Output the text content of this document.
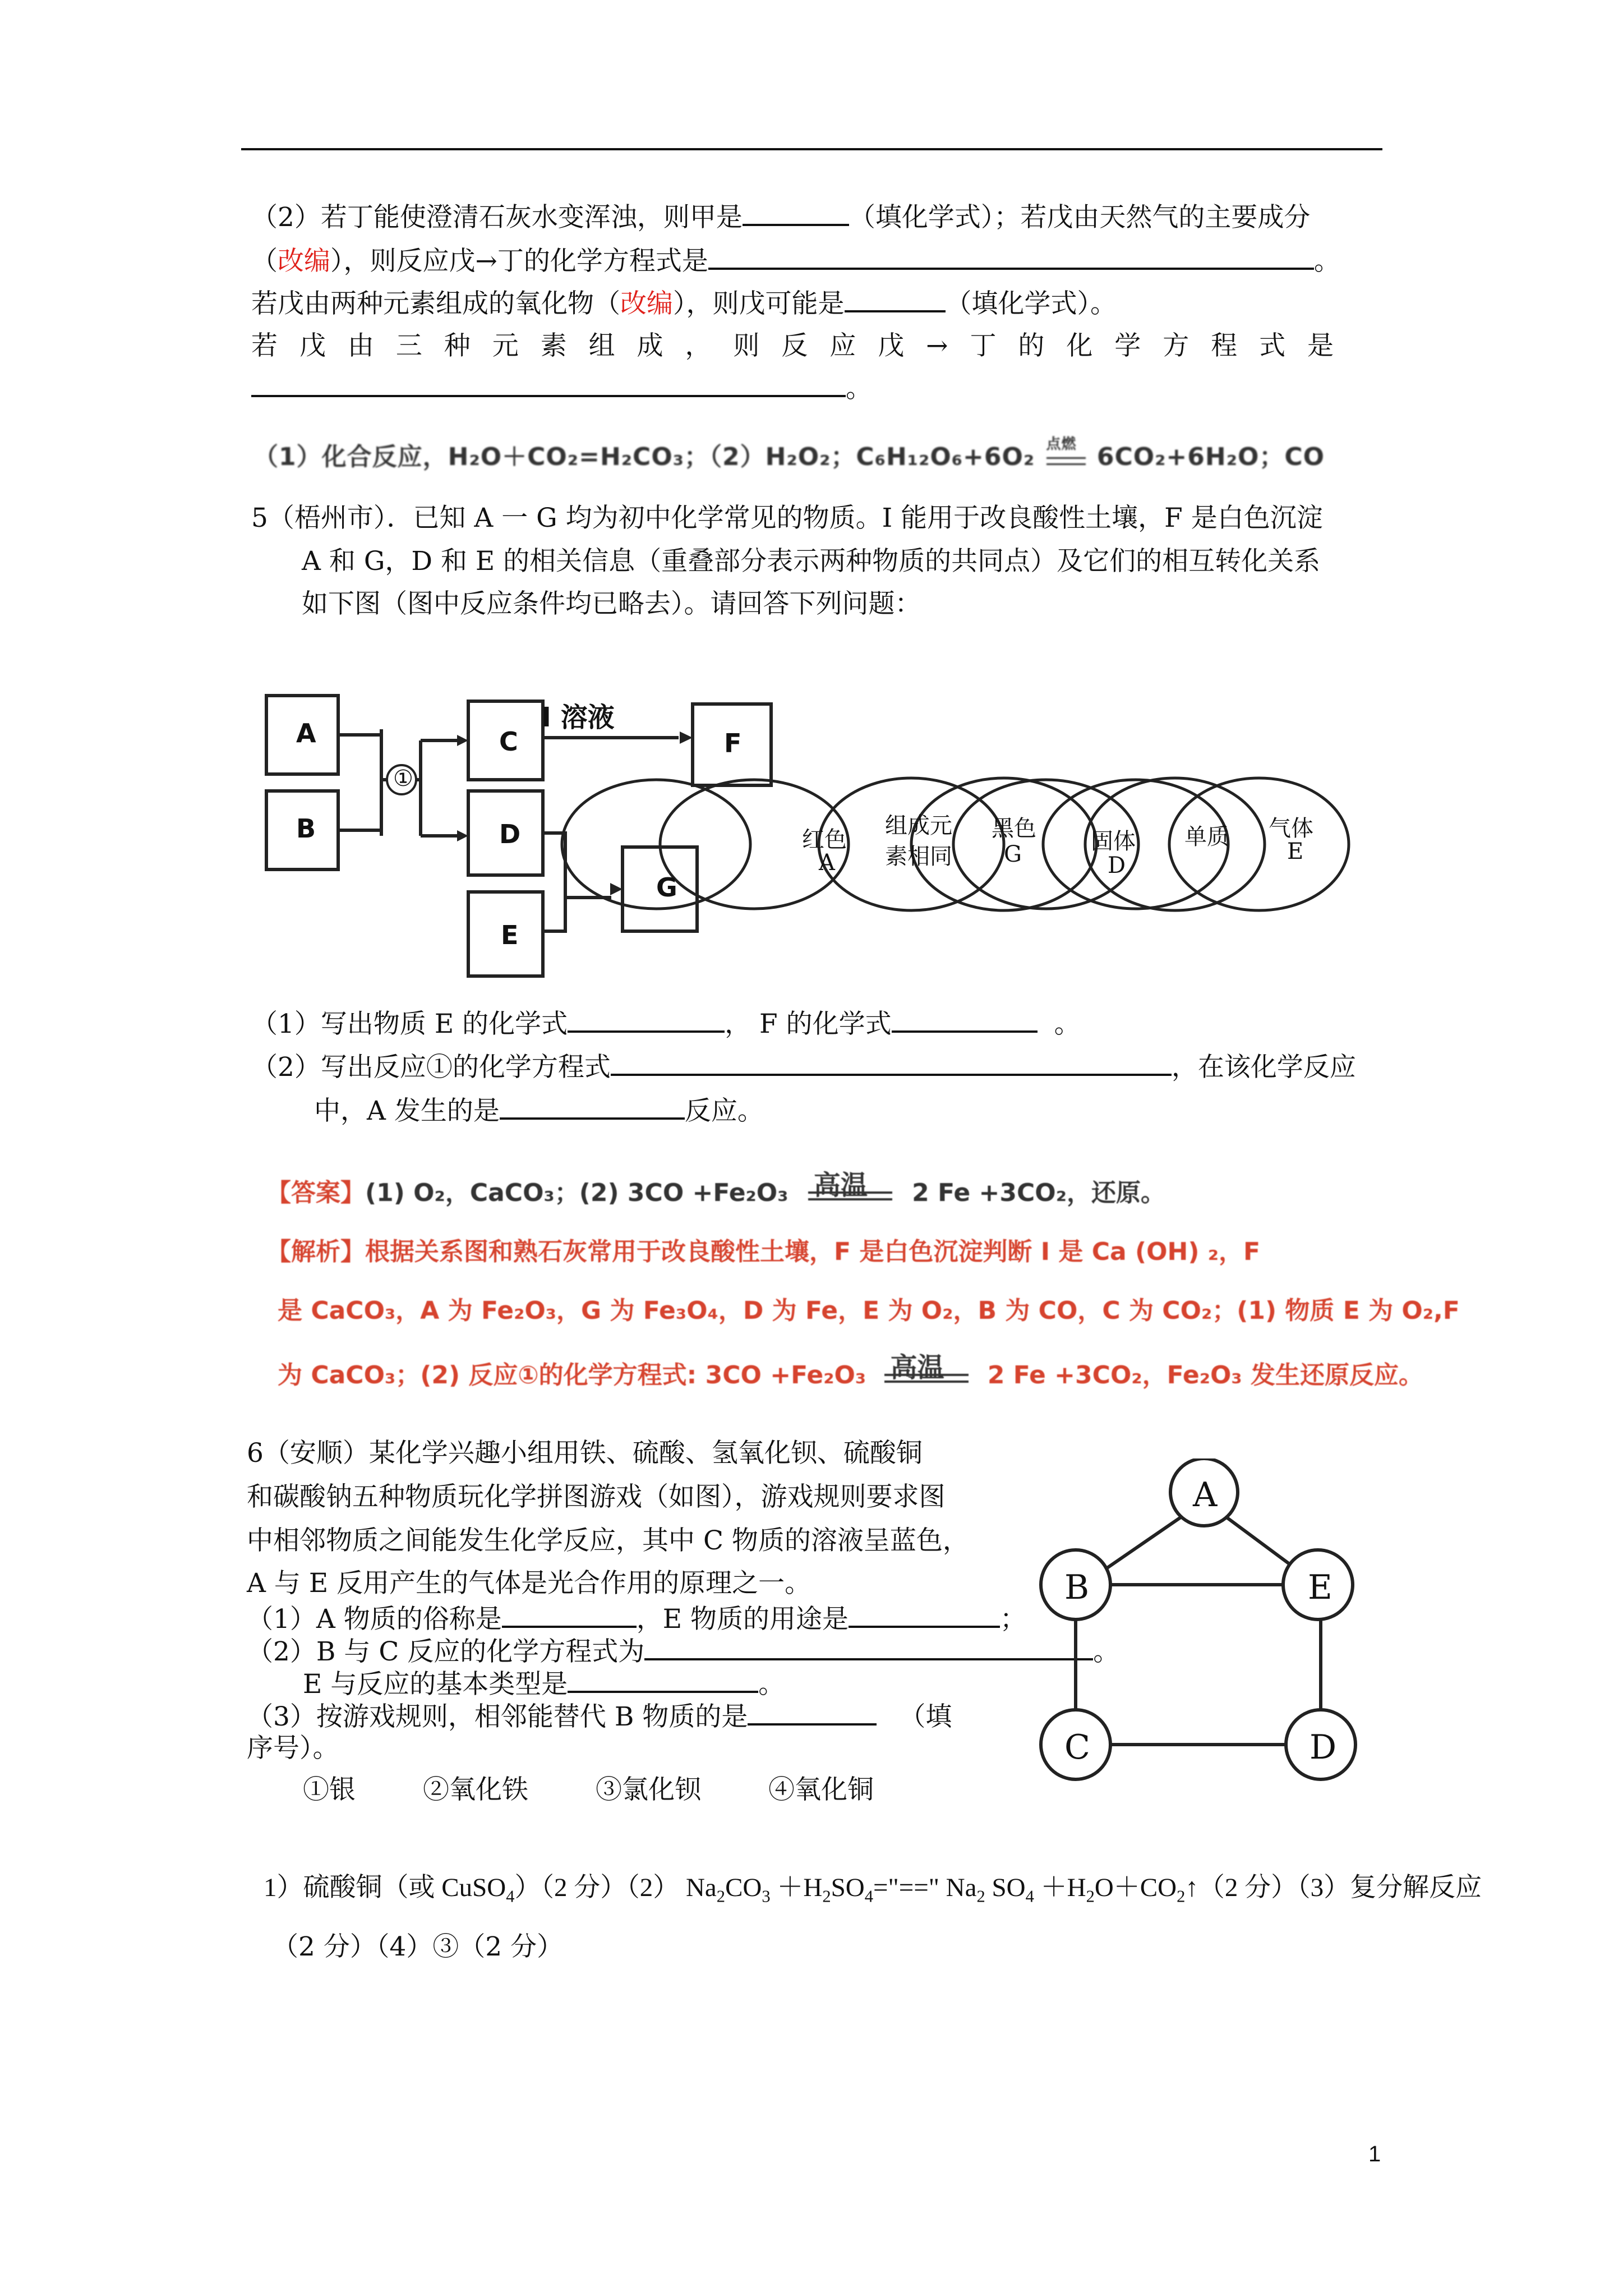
（2）若丁能使澄清石灰水变浑浊，则甲是	（填化学式）；若戊由天然气的主要成分
（改编），则反应戊→丁的化学方程式是	。
若戊由两种元素组成的氧化物（改编），则戊可能是	（填化学式）。
若 戊 由 三 种 元 素 组 成 ， 则 反 应 戊 → 丁 的 化 学 方 程 式 是
。
（1）化合反应，H₂O＋CO₂=H₂CO₃；（2）H₂O₂；C₆H₁₂O₆+6O₂ 点燃 6CO₂+6H₂O；CO
5（梧州市）．已知 A 一 G 均为初中化学常见的物质。I 能用于改良酸性土壤，F 是白色沉淀
A 和 G，D 和 E 的相关信息（重叠部分表示两种物质的共同点）及它们的相互转化关系
如下图（图中反应条件均已略去）。请回答下列问题：
A
B
C
D
E
F
G
①
I 溶液
红色
A
组成元
素相同
黑色
G	固体
D
单质 气体
E
（1）写出物质 E 的化学式	， F 的化学式	。
（2）写出反应①的化学方程式	，在该化学反应
中，A 发生的是	反应。
【答案】(1) O₂，CaCO₃；(2) 3CO +Fe₂O₃ 高温 2 Fe +3CO₂，还原。
【解析】根据关系图和熟石灰常用于改良酸性土壤，F 是白色沉淀判断 I 是 Ca (OH) ₂，F
是 CaCO₃，A 为 Fe₂O₃，G 为 Fe₃O₄，D 为 Fe，E 为 O₂，B 为 CO，C 为 CO₂；(1) 物质 E 为 O₂,F
为 CaCO₃；(2) 反应①的化学方程式: 3CO +Fe₂O₃ 高温 2 Fe +3CO₂，Fe₂O₃ 发生还原反应。
6（安顺）某化学兴趣小组用铁、硫酸、氢氧化钡、硫酸铜
和碳酸钠五种物质玩化学拼图游戏（如图），游戏规则要求图
中相邻物质之间能发生化学反应，其中 C 物质的溶液呈蓝色，
A 与 E 反用产生的气体是光合作用的原理之一。
（1）A 物质的俗称是	，E 物质的用途是	；
（2）B 与 C 反应的化学方程式为	。
E 与反应的基本类型是	。
（3）按游戏规则，相邻能替代 B 物质的是	（填
序号）。
①银	②氧化铁	③氯化钡	④氧化铜
A
B	E
C	D
1）硫酸铜（或 CuSO$_4$）（2 分）（2） $Na_2CO_3$ $+H_2SO_4="==$" $Na_2$ $SO_4$ $+H_2O+CO_2↑(2$ 分）（3）复分解反应
（2 分）（4）③（2 分）
1
